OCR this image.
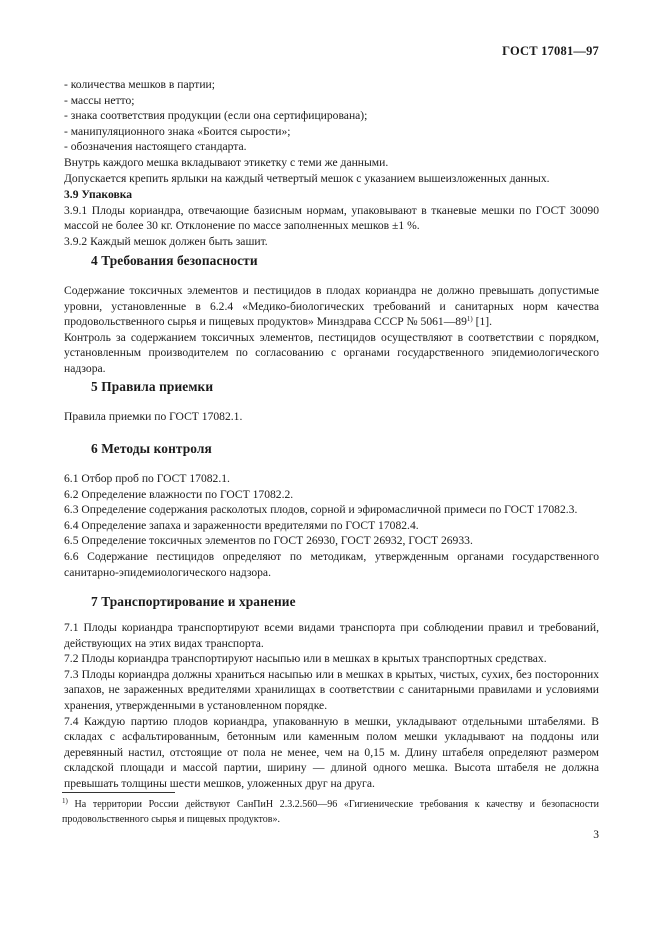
ГОСТ 17081—97

- количества мешков в партии;

- массы нетто;

- знака соответствия продукции (если она сертифицирована);

- манипуляционного знака «Боится сырости»;

- обозначения настоящего стандарта.

Внутрь каждого мешка вкладывают этикетку с теми же данными.

Допускается крепить ярлыки на каждый четвертый мешок с указанием вышеизложенных данных.

3.9 Упаковка

3.9.1 Плоды кориандра, отвечающие базисным нормам, упаковывают в тканевые мешки по ГОСТ 30090 массой не более 30 кг. Отклонение по массе заполненных мешков ±1 %.

3.9.2 Каждый мешок должен быть зашит.

4 Требования безопасности

Содержание токсичных элементов и пестицидов в плодах кориандра не должно превышать допустимые уровни, установленные в 6.2.4 «Медико-биологических требований и санитарных норм качества продовольственного сырья и пищевых продуктов» Минздрава СССР № 5061—89$^{1)}$ [1].

Контроль за содержанием токсичных элементов, пестицидов осуществляют в соответствии с порядком, установленным производителем по согласованию с органами государственного эпидемиологического надзора.

5 Правила приемки

Правила приемки по ГОСТ 17082.1.

6 Методы контроля

6.1 Отбор проб по ГОСТ 17082.1.

6.2 Определение влажности по ГОСТ 17082.2.

6.3 Определение содержания расколотых плодов, сорной и эфиромасличной примеси по ГОСТ 17082.3.

6.4 Определение запаха и зараженности вредителями по ГОСТ 17082.4.

6.5 Определение токсичных элементов по ГОСТ 26930, ГОСТ 26932, ГОСТ 26933.

6.6 Содержание пестицидов определяют по методикам, утвержденным органами государственного санитарно-эпидемиологического надзора.

7 Транспортирование и хранение

7.1 Плоды кориандра транспортируют всеми видами транспорта при соблюдении правил и требований, действующих на этих видах транспорта.

7.2 Плоды кориандра транспортируют насыпью или в мешках в крытых транспортных средствах.

7.3 Плоды кориандра должны храниться насыпью или в мешках в крытых, чистых, сухих, без посторонних запахов, не зараженных вредителями хранилищах в соответствии с санитарными правилами и условиями хранения, утвержденными в установленном порядке.

7.4 Каждую партию плодов кориандра, упакованную в мешки, укладывают отдельными штабелями. В складах с асфальтированным, бетонным или каменным полом мешки укладывают на поддоны или деревянный настил, отстоящие от пола не менее, чем на 0,15 м. Длину штабеля определяют размером складской площади и массой партии, ширину — длиной одного мешка. Высота штабеля не должна превышать толщины шести мешков, уложенных друг на друга.

$^{1)}$ На территории России действуют СанПиН 2.3.2.560—96 «Гигиенические требования к качеству и безопасности продовольственного сырья и пищевых продуктов».
3
